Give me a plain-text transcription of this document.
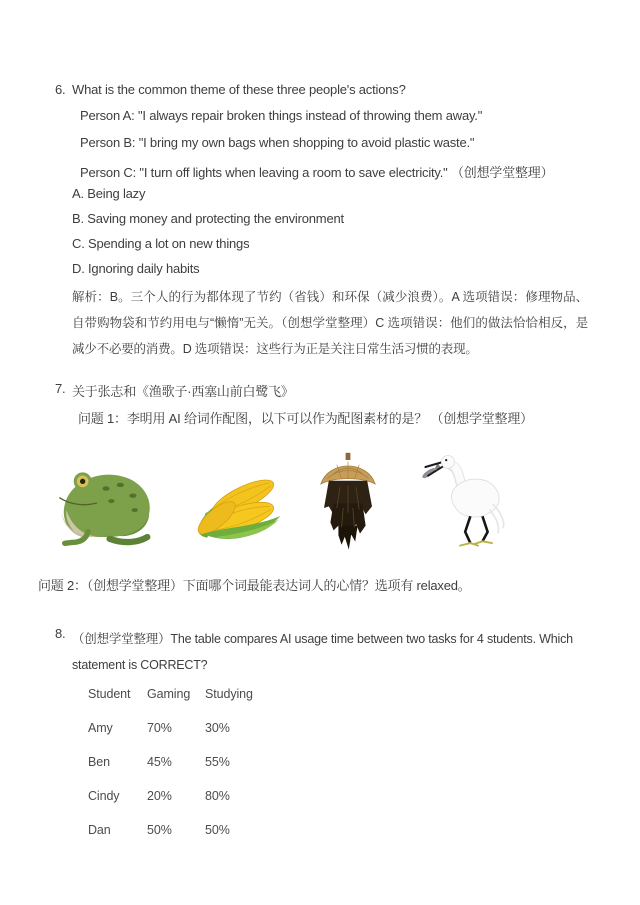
6. What is the common theme of these three people's actions?
Person A: "I always repair broken things instead of throwing them away."
Person B: "I bring my own bags when shopping to avoid plastic waste."
Person C: "I turn off lights when leaving a room to save electricity." （创想学堂整理）
A. Being lazy
B. Saving money and protecting the environment
C. Spending a lot on new things
D. Ignoring daily habits
解析：B。三个人的行为都体现了节约（省钱）和环保（减少浪费）。A 选项错误：修理物品、自带购物袋和节约用电与“懒惰”无关。（创想学堂整理）C 选项错误：他们的做法恰恰相反，是减少不必要的消费。D 选项错误：这些行为正是关注日常生活习惯的表现。
7. 关于张志和《渔歌子·西塞山前白鹭飞》
问题 1：李明用 AI 给词作配图，以下可以作为配图素材的是？ （创想学堂整理）
问题 2：（创想学堂整理）下面哪个词最能表达词人的心情？选项有 relaxed。
8. （创想学堂整理）The table compares AI usage time between two tasks for 4 students. Which statement is CORRECT?
Student	Gaming	Studying
Amy	70%	30%
Ben	45%	55%
Cindy	20%	80%
Dan	50%	50%
